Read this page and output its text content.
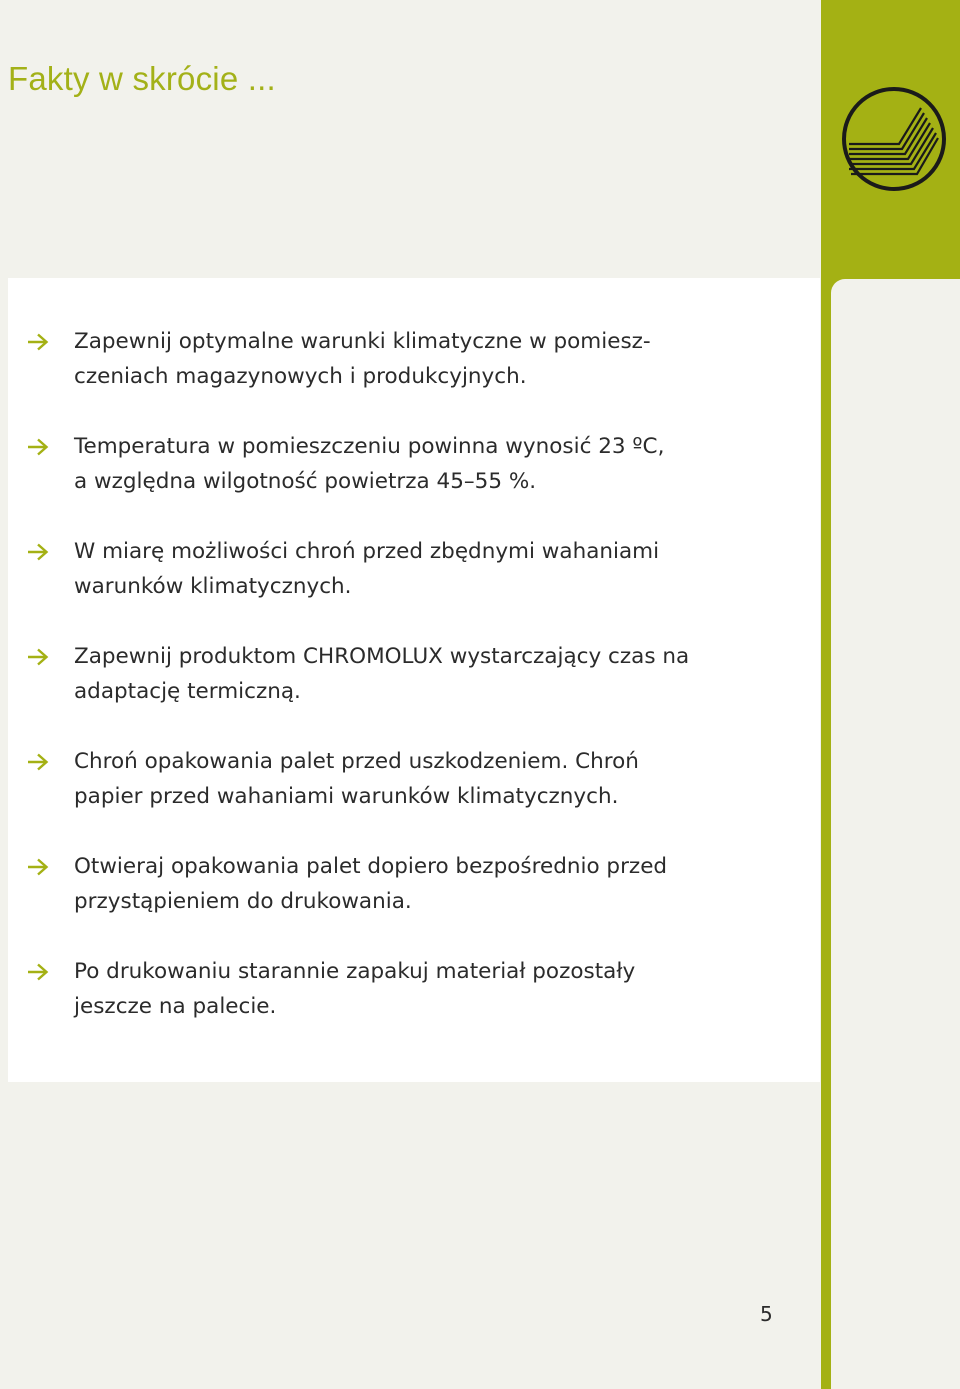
Fakty w skrócie ...
Zapewnij optymalne warunki klimatyczne w pomiesz-
czeniach magazynowych i produkcyjnych.
Temperatura w pomieszczeniu powinna wynosić 23 ºC,
a względna wilgotność powietrza 45–55 %.
W miarę możliwości chroń przed zbędnymi wahaniami
warunków klimatycznych.
Zapewnij produktom CHROMOLUX wystarczający czas na
adaptację termiczną.
Chroń opakowania palet przed uszkodzeniem. Chroń
papier przed wahaniami warunków klimatycznych.
Otwieraj opakowania palet dopiero bezpośrednio przed
przystąpieniem do drukowania.
Po drukowaniu starannie zapakuj materiał pozostały
jeszcze na palecie.
5
